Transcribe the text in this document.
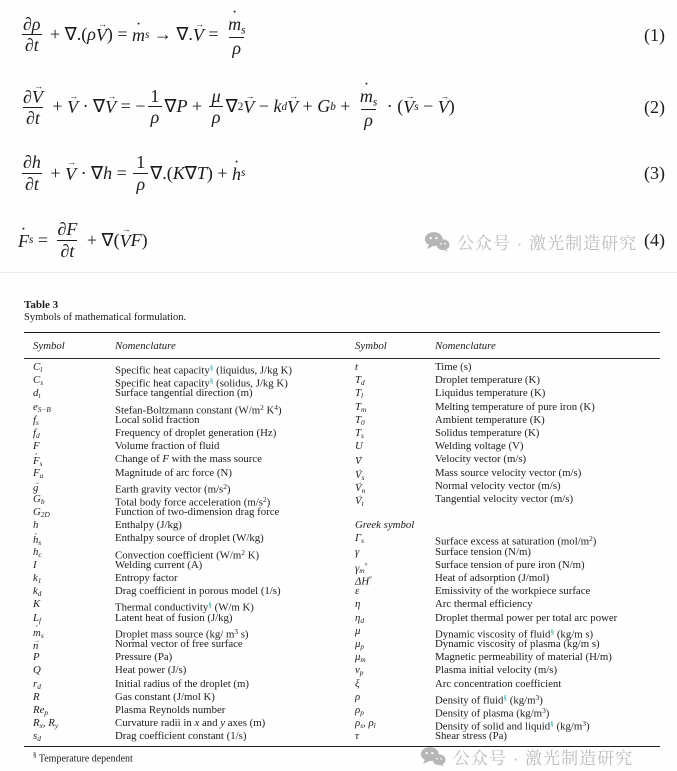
$\frac{\partial\rho}{\partial t}$ + ∇.( ρ V → ) = m · s → ∇. V → = $\frac{m \cdot s}{\rho}$	(1)
$\frac{\partial V \to}{\partial t} + V$ → · ∇ V → = − $\frac{1}{\rho}$ ∇ $P + \frac{\mu}{\rho}$ ∇ 2 V → − k d V → + G $b + \frac{m \cdot s}{\rho}$ · ( V → s − V → )	(2)
$\frac{\partial h}{\partial t} + V$ → · ∇ $h = \frac{1}{\rho}$ ∇.( K ∇ T ) + h · s	(3)
$F \cdot s = \frac{\partial F}{\partial t}$ + ∇( V → F )	(4)
公众号 · 激光制造研究
Table 3
Symbols of mathematical formulation.
Symbol	Nomenclature	Symbol	Nomenclature
Cl	Specific heat capacity§ (liquidus, J/kg K)	t	Time (s)
Cs	Specific heat capacity§ (solidus, J/kg K)	Td	Droplet temperature (K)
dt	Surface tangential direction (m)	Tl	Liquidus temperature (K)
eS−B	Stefan-Boltzmann constant ($W/m^2$ $K^4$)	Tm	Melting temperature of pure iron (K)
fs	Local solid fraction	T0	Ambient temperature (K)
fd	Frequency of droplet generation (Hz)	Ts	Solidus temperature (K)
F	Volume fraction of fluid	U	Welding voltage (V)
F ·s	Change of F with the mass source	V →	Velocity vector (m/s)
Fa	Magnitude of arc force (N)	V →s	Mass source velocity vector (m/s)
g →	Earth gravity vector $(m/s^2)$	V →n	Normal velocity vector (m/s)
Gb	Total body force acceleration $(m/s^2)$	V →t	Tangential velocity vector (m/s)
G2D	Function of two-dimension drag force
h	Enthalpy (J/kg)	Greek symbol
h ·s	Enthalpy source of droplet (W/kg)	Γs	Surface excess at saturation $(mol/m^2)$
hc	Convection coefficient ($W/m^2$ K)	γ	Surface tension (N/m)
I	Welding current (A)	γm°	Surface tension of pure iron (N/m)
k1	Entropy factor	ΔH°	Heat of adsorption (J/mol)
kd	Drag coefficient in porous model (1/s)	ε	Emissivity of the workpiece surface
K	Thermal conductivity§ (W/m K)	η	Arc thermal efficiency
Lf	Latent heat of fusion (J/kg)	ηd	Droplet thermal power per total arc power
m ·s	Droplet mass source (kg/ $m^3$ s)	μ	Dynamic viscosity of fluid§ (kg/m s)
n →	Normal vector of free surface	μp	Dynamic viscosity of plasma (kg/m s)
P	Pressure (Pa)	μm	Magnetic permeability of material (H/m)
Q	Heat power (J/s)	νp	Plasma initial velocity (m/s)
rd	Initial radius of the droplet (m)	ξ	Arc concentration coefficient
R	Gas constant (J/mol K)	ρ	Density of fluid§ $(kg/m^3)$
Rep	Plasma Reynolds number	ρp	Density of plasma $(kg/m^3)$
Rx, Ry	Curvature radii in x and y axes (m)	ρs, ρl	Density of solid and liquid§ $(kg/m^3)$
sd	Drag coefficient constant (1/s)	τ	Shear stress (Pa)
§ Temperature dependent	公众号 · 激光制造研究
